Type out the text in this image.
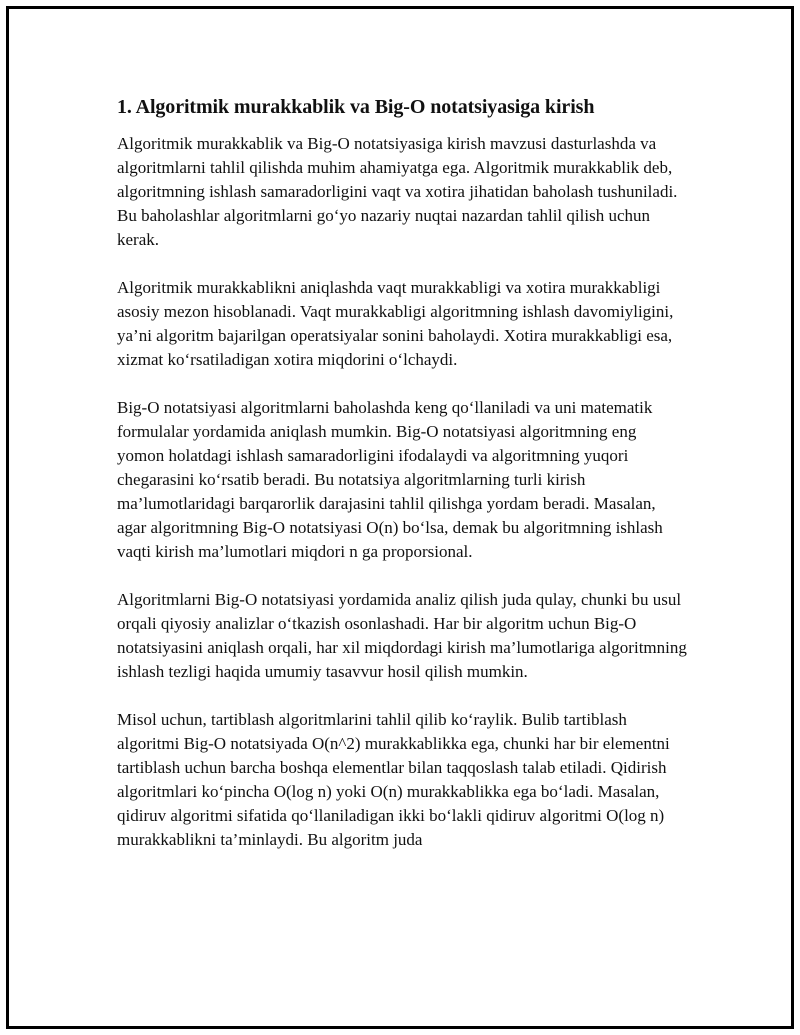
1. Algoritmik murakkablik va Big-O notatsiyasiga kirish

Algoritmik murakkablik va Big-O notatsiyasiga kirish mavzusi dasturlashda va algoritmlarni tahlil qilishda muhim ahamiyatga ega. Algoritmik murakkablik deb, algoritmning ishlash samaradorligini vaqt va xotira jihatidan baholash tushuniladi. Bu baholashlar algoritmlarni go‘yo nazariy nuqtai nazardan tahlil qilish uchun kerak.

Algoritmik murakkablikni aniqlashda vaqt murakkabligi va xotira murakkabligi asosiy mezon hisoblanadi. Vaqt murakkabligi algoritmning ishlash davomiyligini, ya’ni algoritm bajarilgan operatsiyalar sonini baholaydi. Xotira murakkabligi esa, xizmat ko‘rsatiladigan xotira miqdorini o‘lchaydi.

Big-O notatsiyasi algoritmlarni baholashda keng qo‘llaniladi va uni matematik formulalar yordamida aniqlash mumkin. Big-O notatsiyasi algoritmning eng yomon holatdagi ishlash samaradorligini ifodalaydi va algoritmning yuqori chegarasini ko‘rsatib beradi. Bu notatsiya algoritmlarning turli kirish ma’lumotlaridagi barqarorlik darajasini tahlil qilishga yordam beradi. Masalan, agar algoritmning Big-O notatsiyasi O(n) bo‘lsa, demak bu algoritmning ishlash vaqti kirish ma’lumotlari miqdori n ga proporsional.

Algoritmlarni Big-O notatsiyasi yordamida analiz qilish juda qulay, chunki bu usul orqali qiyosiy analizlar o‘tkazish osonlashadi. Har bir algoritm uchun Big-O notatsiyasini aniqlash orqali, har xil miqdordagi kirish ma’lumotlariga algoritmning ishlash tezligi haqida umumiy tasavvur hosil qilish mumkin.

Misol uchun, tartiblash algoritmlarini tahlil qilib ko‘raylik. Bulib tartiblash algoritmi Big-O notatsiyada O(n^2) murakkablikka ega, chunki har bir elementni tartiblash uchun barcha boshqa elementlar bilan taqqoslash talab etiladi. Qidirish algoritmlari ko‘pincha O(log n) yoki O(n) murakkablikka ega bo‘ladi. Masalan, qidiruv algoritmi sifatida qo‘llaniladigan ikki bo‘lakli qidiruv algoritmi O(log n) murakkablikni ta’minlaydi. Bu algoritm juda
